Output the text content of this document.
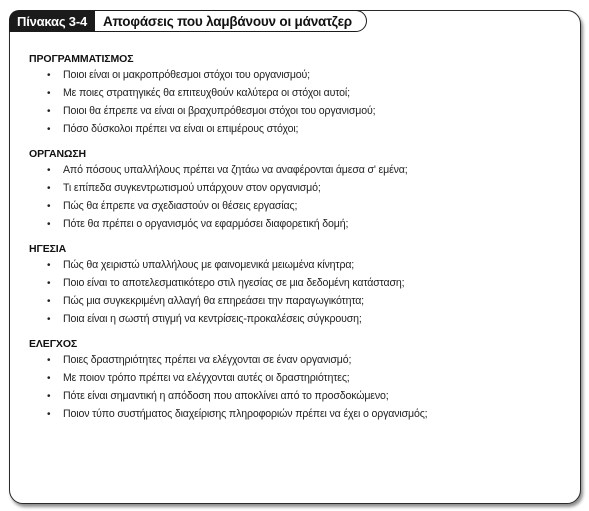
Πίνακας 3-4	Αποφάσεις που λαμβάνουν οι μάνατζερ
ΠΡΟΓΡΑΜΜΑΤΙΣΜΟΣ
•	Ποιοι είναι οι μακροπρόθεσμοι στόχοι του οργανισμού;
•	Με ποιες στρατηγικές θα επιτευχθούν καλύτερα οι στόχοι αυτοί;
•	Ποιοι θα έπρεπε να είναι οι βραχυπρόθεσμοι στόχοι του οργανισμού;
•	Πόσο δύσκολοι πρέπει να είναι οι επιμέρους στόχοι;
ΟΡΓΑΝΩΣΗ
•	Από πόσους υπαλλήλους πρέπει να ζητάω να αναφέρονται άμεσα σ' εμένα;
•	Τι επίπεδα συγκεντρωτισμού υπάρχουν στον οργανισμό;
•	Πώς θα έπρεπε να σχεδιαστούν οι θέσεις εργασίας;
•	Πότε θα πρέπει ο οργανισμός να εφαρμόσει διαφορετική δομή;
ΗΓΕΣΙΑ
•	Πώς θα χειριστώ υπαλλήλους με φαινομενικά μειωμένα κίνητρα;
•	Ποιο είναι το αποτελεσματικότερο στιλ ηγεσίας σε μια δεδομένη κατάσταση;
•	Πώς μια συγκεκριμένη αλλαγή θα επηρεάσει την παραγωγικότητα;
•	Ποια είναι η σωστή στιγμή να κεντρίσεις-προκαλέσεις σύγκρουση;
ΕΛΕΓΧΟΣ
•	Ποιες δραστηριότητες πρέπει να ελέγχονται σε έναν οργανισμό;
•	Με ποιον τρόπο πρέπει να ελέγχονται αυτές οι δραστηριότητες;
•	Πότε είναι σημαντική η απόδοση που αποκλίνει από το προσδοκώμενο;
•	Ποιον τύπο συστήματος διαχείρισης πληροφοριών πρέπει να έχει ο οργανισμός;
